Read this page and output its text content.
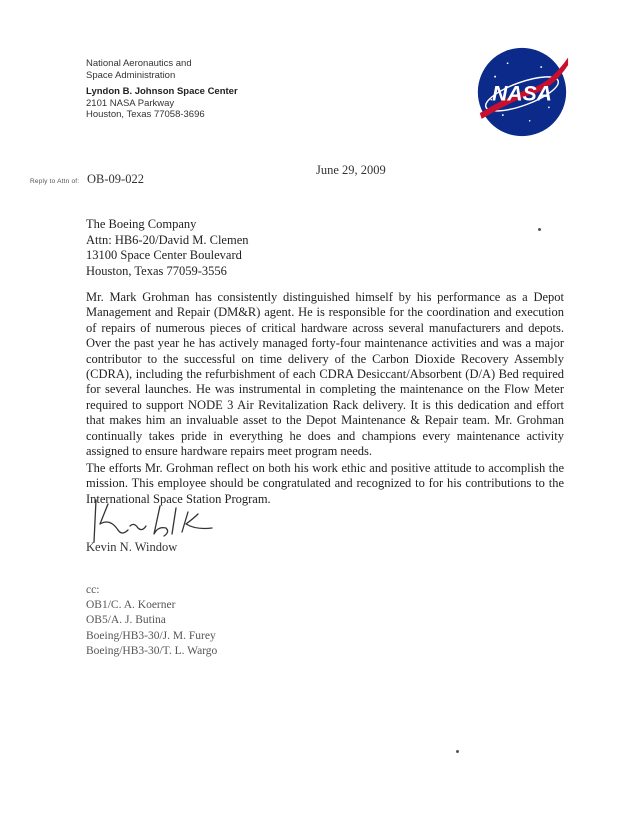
National Aeronautics and
Space Administration
Lyndon B. Johnson Space Center
2101 NASA Parkway
Houston, Texas 77058-3696
NASA
Reply to Attn of: OB-09-022
June 29, 2009
The Boeing Company
Attn: HB6-20/David M. Clemen
13100 Space Center Boulevard
Houston, Texas 77059-3556

Mr. Mark Grohman has consistently distinguished himself by his performance as a Depot Management and Repair (DM&R) agent. He is responsible for the coordination and execution of repairs of numerous pieces of critical hardware across several manufacturers and depots. Over the past year he has actively managed forty-four maintenance activities and was a major contributor to the successful on time delivery of the Carbon Dioxide Recovery Assembly (CDRA), including the refurbishment of each CDRA Desiccant/Absorbent (D/A) Bed required for several launches. He was instrumental in completing the maintenance on the Flow Meter required to support NODE 3 Air Revitalization Rack delivery. It is this dedication and effort that makes him an invaluable asset to the Depot Maintenance & Repair team. Mr. Grohman continually takes pride in everything he does and champions every maintenance activity assigned to ensure hardware repairs meet program needs.

The efforts Mr. Grohman reflect on both his work ethic and positive attitude to accomplish the mission. This employee should be congratulated and recognized to for his contributions to the International Space Station Program.

Kevin N. Window
cc:
OB1/C. A. Koerner
OB5/A. J. Butina
Boeing/HB3-30/J. M. Furey
Boeing/HB3-30/T. L. Wargo
